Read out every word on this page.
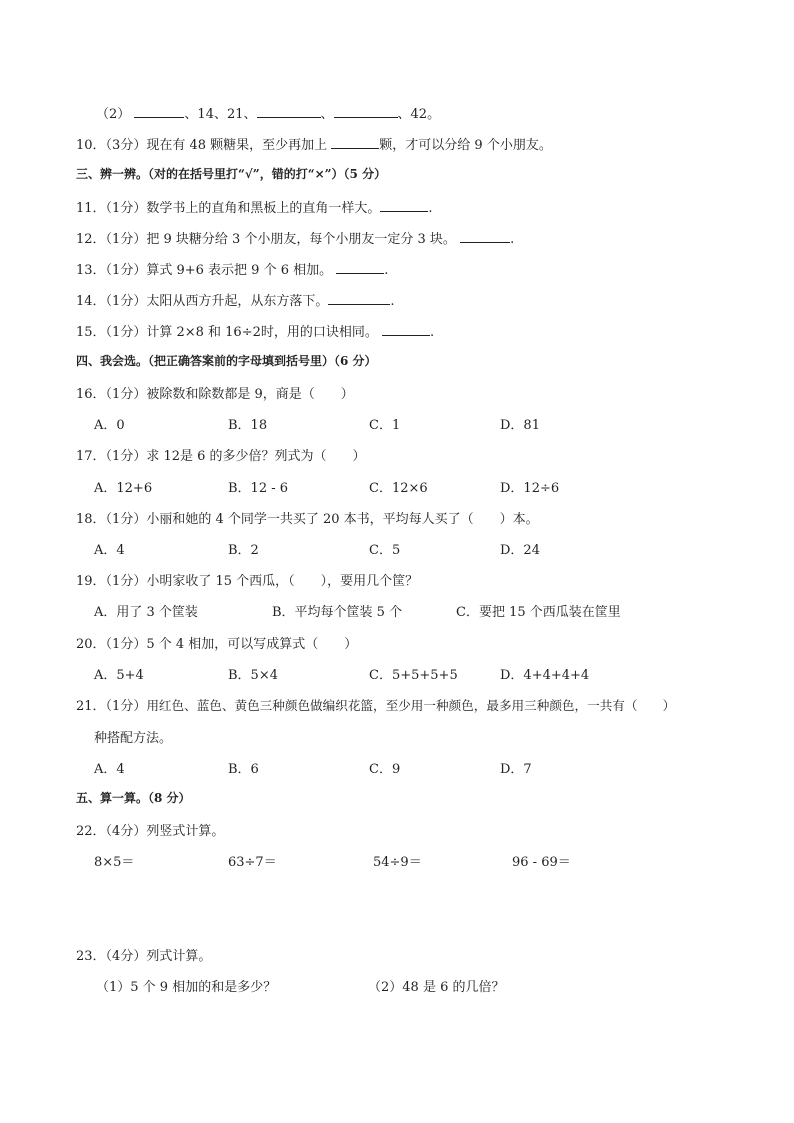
（2）	、14、21、	、	、42。
10．（3分）现在有 48 颗糖果，至少再加上	颗，才可以分给 9 个小朋友。
三、辨一辨。（对的在括号里打“√”，错的打“×”）（5 分）
11．（1分）数学书上的直角和黑板上的直角一样大。	.
12．（1分）把 9 块糖分给 3 个小朋友，每个小朋友一定分 3 块。	.
13．（1分）算式 9+6 表示把 9 个 6 相加。	.
14．（1分）太阳从西方升起，从东方落下。	.
15．（1分）计算 2×8 和 16÷2时，用的口诀相同。	.
四、我会选。（把正确答案前的字母填到括号里）（6 分）
16．（1分）被除数和除数都是 9，商是（　　）
A．0	B．18	C．1	D．81
17．（1分）求 12是 6 的多少倍？列式为（　　）
A．12+6	B．12 - 6	C．12×6	D．12÷6
18．（1分）小丽和她的 4 个同学一共买了 20 本书，平均每人买了（　　）本。
A．4	B．2	C．5	D．24
19．（1分）小明家收了 15 个西瓜，（　　），要用几个筐？
A．用了 3 个筐装	B．平均每个筐装 5 个	C．要把 15 个西瓜装在筐里
20．（1分）5 个 4 相加，可以写成算式（　　）
A．5+4	B．5×4	C．5+5+5+5	D．4+4+4+4
21．（1分）用红色、蓝色、黄色三种颜色做编织花篮，至少用一种颜色，最多用三种颜色，一共有（　　）
种搭配方法。
A．4	B．6	C．9	D．7
五、算一算。（8 分）
22．（4分）列竖式计算。
8×5＝	63÷7＝	54÷9＝	96 - 69＝
23．（4分）列式计算。
（1）5 个 9 相加的和是多少？	（2）48 是 6 的几倍？
